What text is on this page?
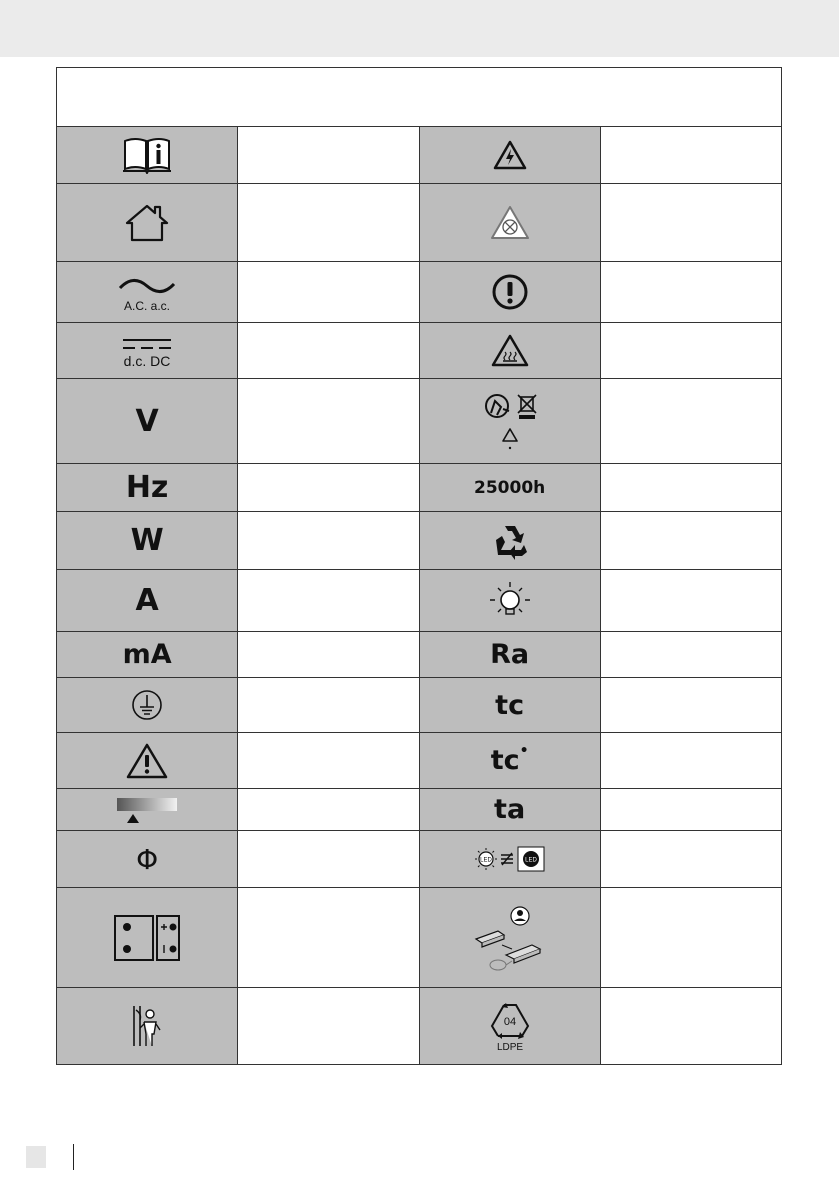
A.C. a.c.

d.c. DC

V		

Hz		25000h	
W		

A		

mA		Ra	

		tc	

		tc•	

		ta	
Φ		LED LED	

04
LDPE	
